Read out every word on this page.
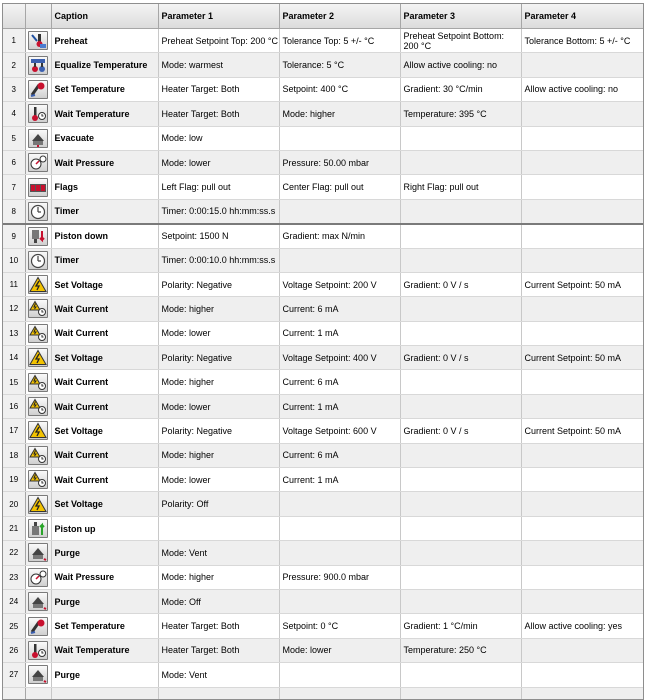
		Caption	Parameter 1	Parameter 2	Parameter 3	Parameter 4
1		Preheat	Preheat Setpoint Top: 200 °C	Tolerance Top: 5 +/- °C	Preheat Setpoint Bottom: 200 °C	Tolerance Bottom: 5 +/- °C
2		Equalize Temperature	Mode: warmest	Tolerance: 5 °C	Allow active cooling: no	
3		Set Temperature	Heater Target: Both	Setpoint: 400 °C	Gradient: 30 °C/min	Allow active cooling: no
4		Wait Temperature	Heater Target: Both	Mode: higher	Temperature: 395 °C	
5		Evacuate	Mode: low			
6		Wait Pressure	Mode: lower	Pressure: 50.00 mbar		
7		Flags	Left Flag: pull out	Center Flag: pull out	Right Flag: pull out	
8		Timer	Timer: 0:00:15.0 hh:mm:ss.s			
9		Piston down	Setpoint: 1500 N	Gradient: max N/min		
10		Timer	Timer: 0:00:10.0 hh:mm:ss.s			
11		Set Voltage	Polarity: Negative	Voltage Setpoint: 200 V	Gradient: 0 V / s	Current Setpoint: 50 mA
12		Wait Current	Mode: higher	Current: 6 mA		
13		Wait Current	Mode: lower	Current: 1 mA		
14		Set Voltage	Polarity: Negative	Voltage Setpoint: 400 V	Gradient: 0 V / s	Current Setpoint: 50 mA
15		Wait Current	Mode: higher	Current: 6 mA		
16		Wait Current	Mode: lower	Current: 1 mA		
17		Set Voltage	Polarity: Negative	Voltage Setpoint: 600 V	Gradient: 0 V / s	Current Setpoint: 50 mA
18		Wait Current	Mode: higher	Current: 6 mA		
19		Wait Current	Mode: lower	Current: 1 mA		
20		Set Voltage	Polarity: Off			
21		Piston up				
22		Purge	Mode: Vent			
23		Wait Pressure	Mode: higher	Pressure: 900.0 mbar		
24		Purge	Mode: Off			
25		Set Temperature	Heater Target: Both	Setpoint: 0 °C	Gradient: 1 °C/min	Allow active cooling: yes
26		Wait Temperature	Heater Target: Both	Mode: lower	Temperature: 250 °C	
27		Purge	Mode: Vent			
